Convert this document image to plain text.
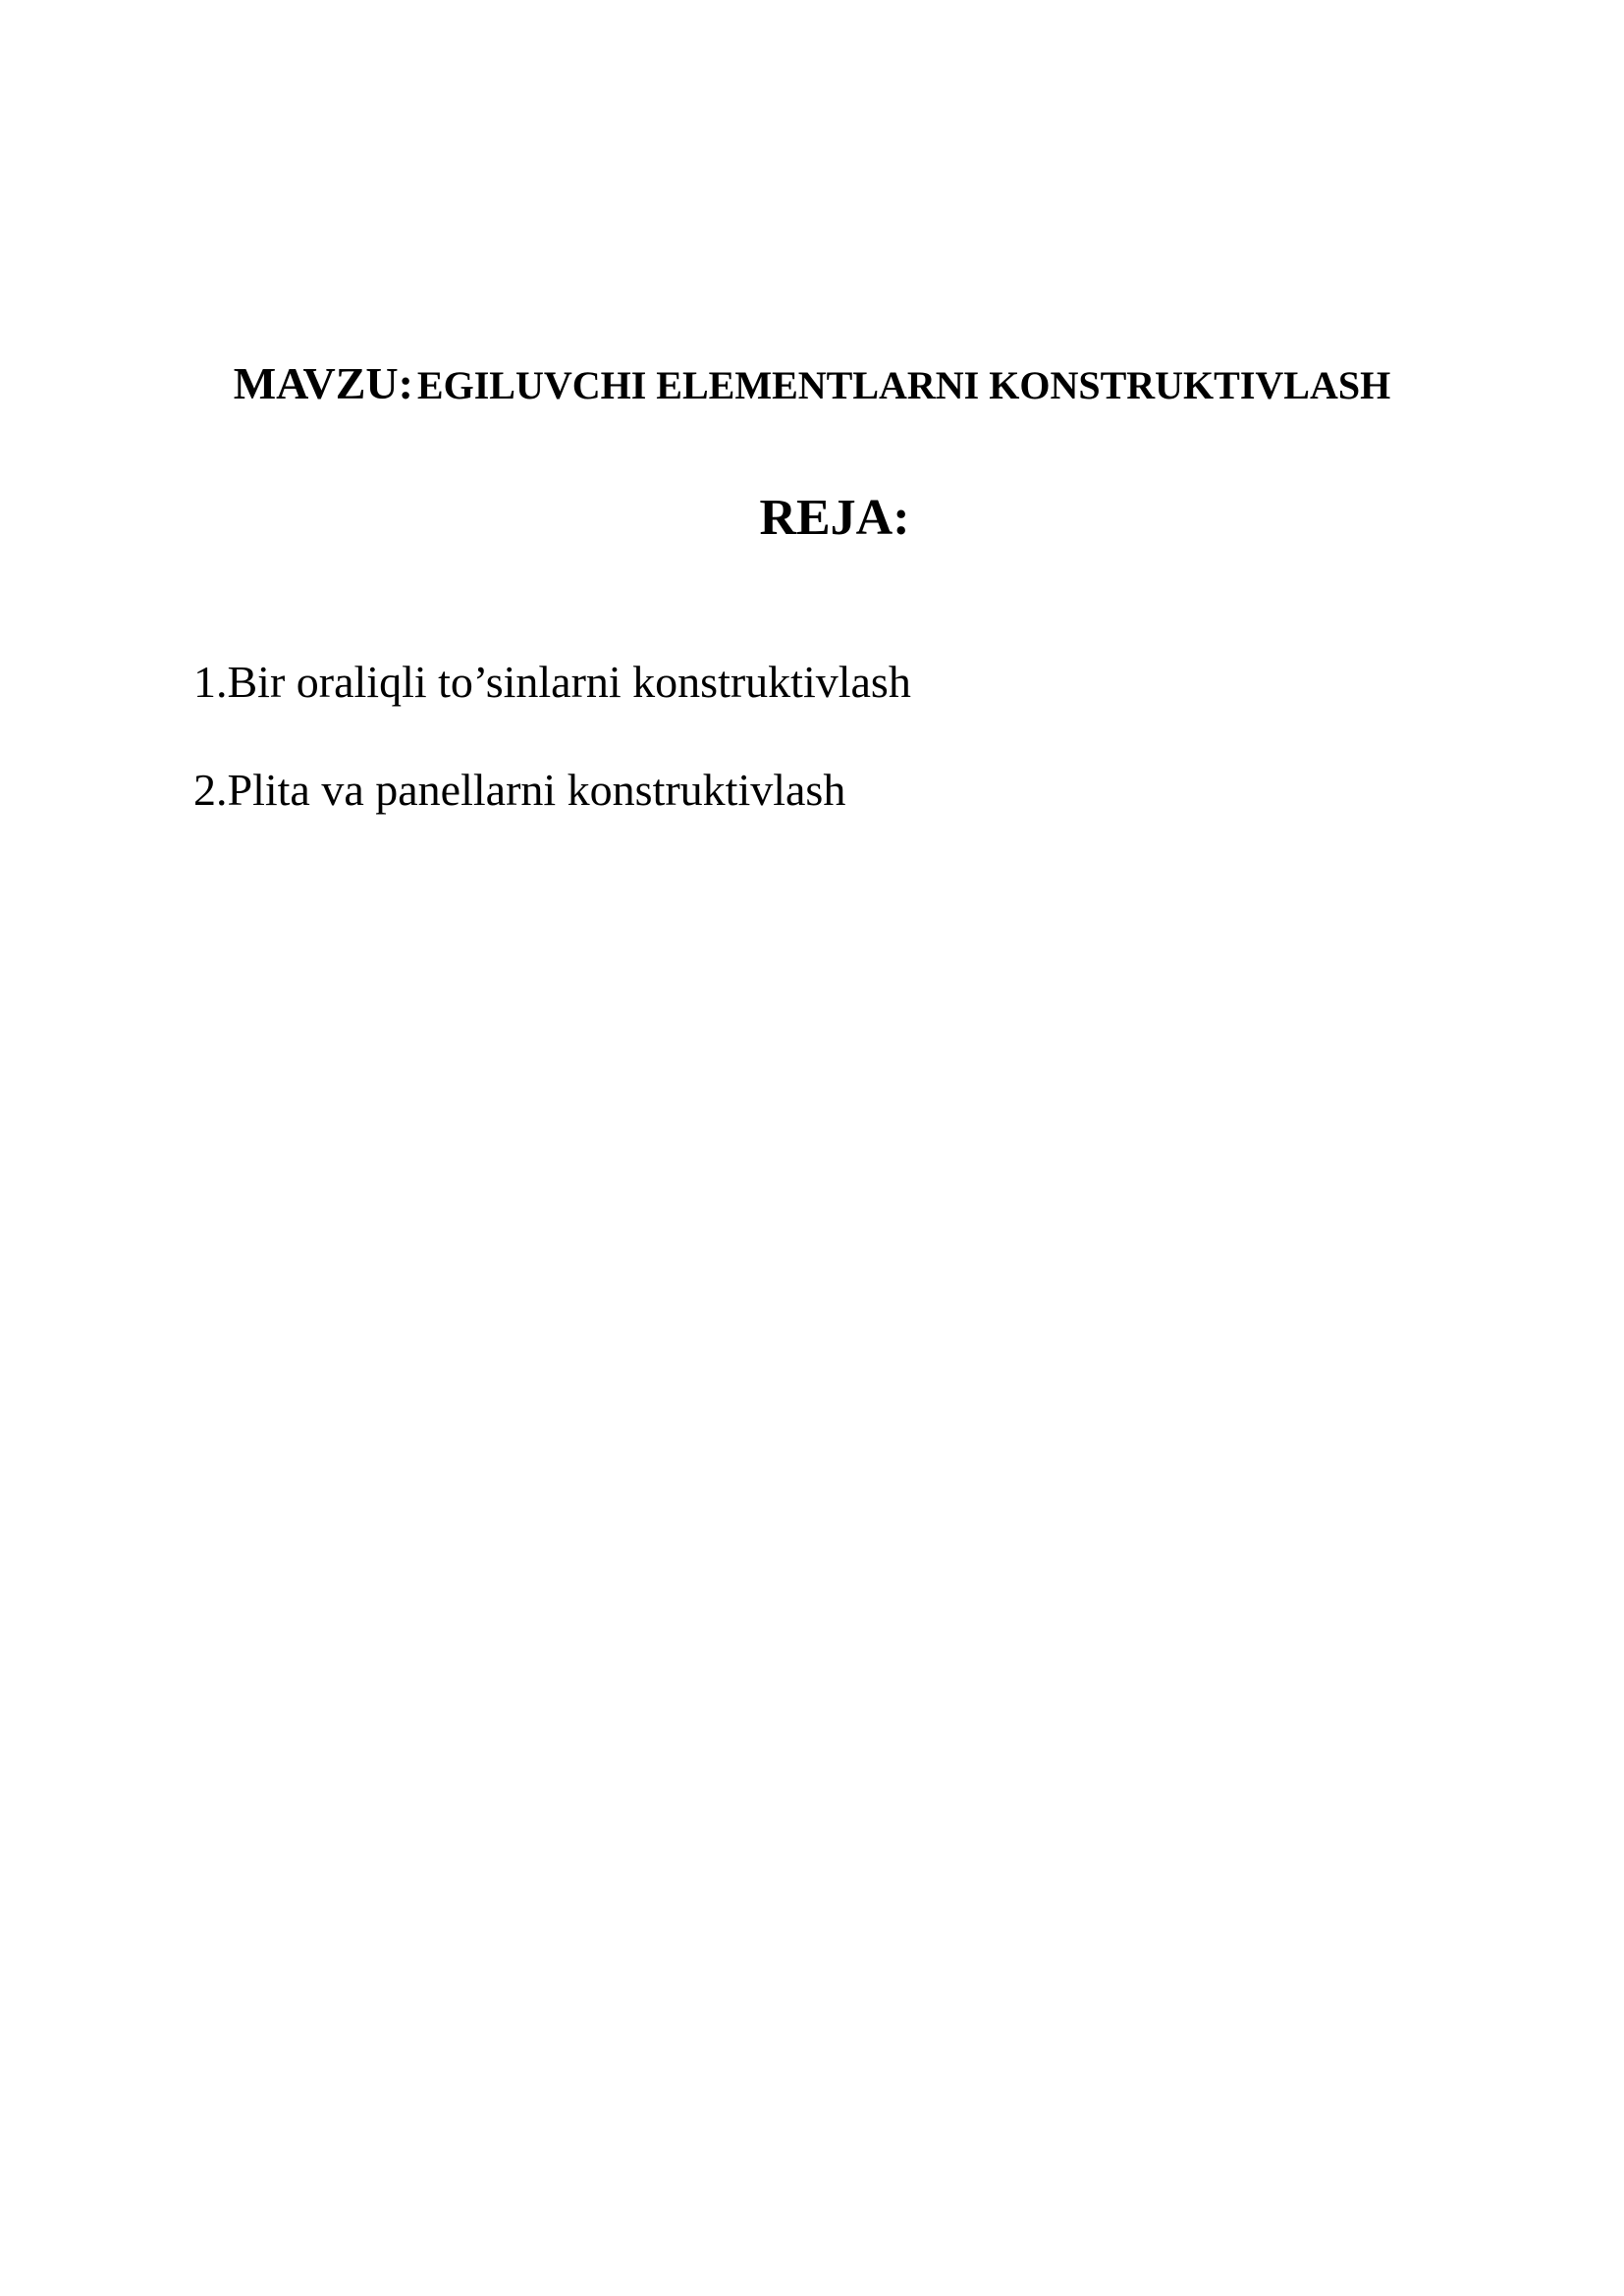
MAVZU: EGILUVCHI ELEMENTLARNI KONSTRUKTIVLASH
REJA:
1.Bir oraliqli to’sinlarni konstruktivlash
2.Plita va panellarni konstruktivlash
